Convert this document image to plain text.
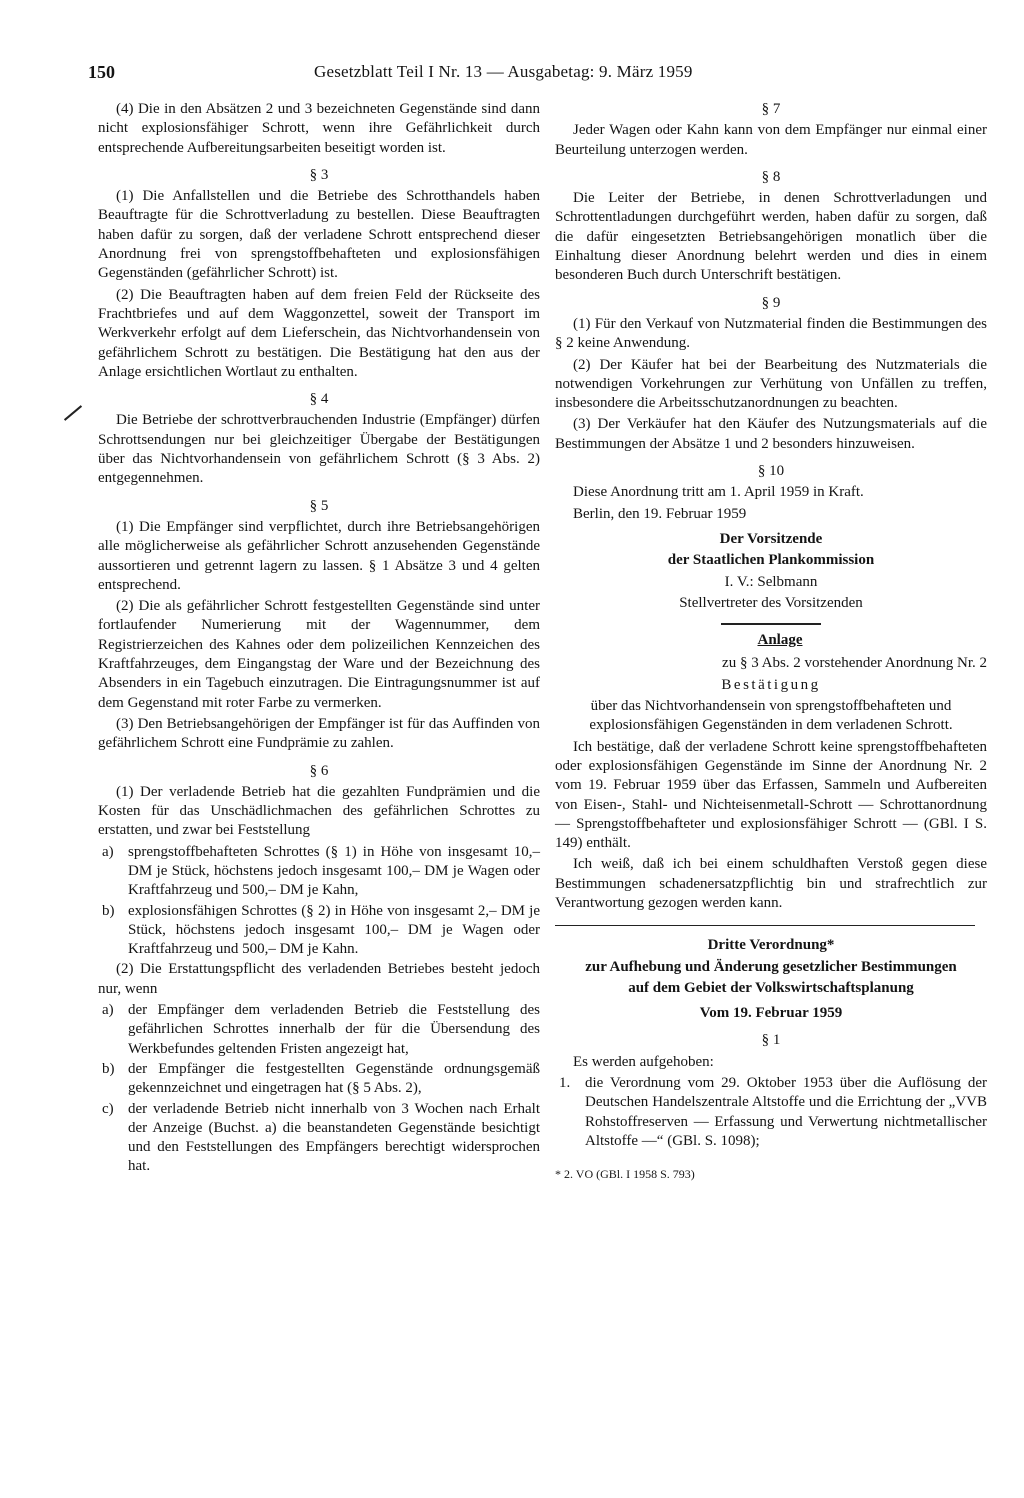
150	Gesetzblatt Teil I Nr. 13 — Ausgabetag: 9. März 1959

(4) Die in den Absätzen 2 und 3 bezeichneten Gegenstände sind dann nicht explosionsfähiger Schrott, wenn ihre Gefährlichkeit durch entsprechende Aufbereitungsarbeiten beseitigt worden ist.

§ 3

(1) Die Anfallstellen und die Betriebe des Schrotthandels haben Beauftragte für die Schrottverladung zu bestellen. Diese Beauftragten haben dafür zu sorgen, daß der verladene Schrott entsprechend dieser Anordnung frei von sprengstoffbehafteten und explosionsfähigen Gegenständen (gefährlicher Schrott) ist.

(2) Die Beauftragten haben auf dem freien Feld der Rückseite des Frachtbriefes und auf dem Waggonzettel, soweit der Transport im Werkverkehr erfolgt auf dem Lieferschein, das Nichtvorhandensein von gefährlichem Schrott zu bestätigen. Die Bestätigung hat den aus der Anlage ersichtlichen Wortlaut zu enthalten.

§ 4

Die Betriebe der schrottverbrauchenden Industrie (Empfänger) dürfen Schrottsendungen nur bei gleichzeitiger Übergabe der Bestätigungen über das Nichtvorhandensein von gefährlichem Schrott (§ 3 Abs. 2) entgegennehmen.

§ 5

(1) Die Empfänger sind verpflichtet, durch ihre Betriebsangehörigen alle möglicherweise als gefährlicher Schrott anzusehenden Gegenstände aussortieren und getrennt lagern zu lassen. § 1 Absätze 3 und 4 gelten entsprechend.

(2) Die als gefährlicher Schrott festgestellten Gegenstände sind unter fortlaufender Numerierung mit der Wagennummer, dem Registrierzeichen des Kahnes oder dem polizeilichen Kennzeichen des Kraftfahrzeuges, dem Eingangstag der Ware und der Bezeichnung des Absenders in ein Tagebuch einzutragen. Die Eintragungsnummer ist auf dem Gegenstand mit roter Farbe zu vermerken.

(3) Den Betriebsangehörigen der Empfänger ist für das Auffinden von gefährlichem Schrott eine Fundprämie zu zahlen.

§ 6

(1) Der verladende Betrieb hat die gezahlten Fundprämien und die Kosten für das Unschädlichmachen des gefährlichen Schrottes zu erstatten, und zwar bei Feststellung

a) sprengstoffbehafteten Schrottes (§ 1) in Höhe von insgesamt 10,– DM je Stück, höchstens jedoch insgesamt 100,– DM je Wagen oder Kraftfahrzeug und 500,– DM je Kahn,
b) explosionsfähigen Schrottes (§ 2) in Höhe von insgesamt 2,– DM je Stück, höchstens jedoch insgesamt 100,– DM je Wagen oder Kraftfahrzeug und 500,– DM je Kahn.

(2) Die Erstattungspflicht des verladenden Betriebes besteht jedoch nur, wenn

a) der Empfänger dem verladenden Betrieb die Feststellung des gefährlichen Schrottes innerhalb der für die Übersendung des Werkbefundes geltenden Fristen angezeigt hat,
b) der Empfänger die festgestellten Gegenstände ordnungsgemäß gekennzeichnet und eingetragen hat (§ 5 Abs. 2),
c) der verladende Betrieb nicht innerhalb von 3 Wochen nach Erhalt der Anzeige (Buchst. a) die beanstandeten Gegenstände besichtigt und den Feststellungen des Empfängers berechtigt widersprochen hat.

§ 7

Jeder Wagen oder Kahn kann von dem Empfänger nur einmal einer Beurteilung unterzogen werden.

§ 8

Die Leiter der Betriebe, in denen Schrottverladungen und Schrottentladungen durchgeführt werden, haben dafür zu sorgen, daß die dafür eingesetzten Betriebsangehörigen monatlich über die Einhaltung dieser Anordnung belehrt werden und dies in einem besonderen Buch durch Unterschrift bestätigen.

§ 9

(1) Für den Verkauf von Nutzmaterial finden die Bestimmungen des § 2 keine Anwendung.

(2) Der Käufer hat bei der Bearbeitung des Nutzmaterials die notwendigen Vorkehrungen zur Verhütung von Unfällen zu treffen, insbesondere die Arbeitsschutzanordnungen zu beachten.

(3) Der Verkäufer hat den Käufer des Nutzungsmaterials auf die Bestimmungen der Absätze 1 und 2 besonders hinzuweisen.

§ 10

Diese Anordnung tritt am 1. April 1959 in Kraft.

Berlin, den 19. Februar 1959

Der Vorsitzende

der Staatlichen Plankommission

I. V.: Selbmann

Stellvertreter des Vorsitzenden

Anlage

zu § 3 Abs. 2 vorstehender Anordnung Nr. 2

Bestätigung

über das Nichtvorhandensein von sprengstoffbehafteten und explosionsfähigen Gegenständen in dem verladenen Schrott.

Ich bestätige, daß der verladene Schrott keine sprengstoffbehafteten oder explosionsfähigen Gegenstände im Sinne der Anordnung Nr. 2 vom 19. Februar 1959 über das Erfassen, Sammeln und Aufbereiten von Eisen-, Stahl- und Nichteisenmetall-Schrott — Schrottanordnung — Sprengstoffbehafteter und explosionsfähiger Schrott — (GBl. I S. 149) enthält.

Ich weiß, daß ich bei einem schuldhaften Verstoß gegen diese Bestimmungen schadenersatzpflichtig bin und strafrechtlich zur Verantwortung gezogen werden kann.

Dritte Verordnung*

zur Aufhebung und Änderung gesetzlicher Bestimmungen

auf dem Gebiet der Volkswirtschaftsplanung

Vom 19. Februar 1959

§ 1

Es werden aufgehoben:

1. die Verordnung vom 29. Oktober 1953 über die Auflösung der Deutschen Handelszentrale Altstoffe und die Errichtung der „VVB Rohstoffreserven — Erfassung und Verwertung nichtmetallischer Altstoffe —“ (GBl. S. 1098);

* 2. VO (GBl. I 1958 S. 793)
